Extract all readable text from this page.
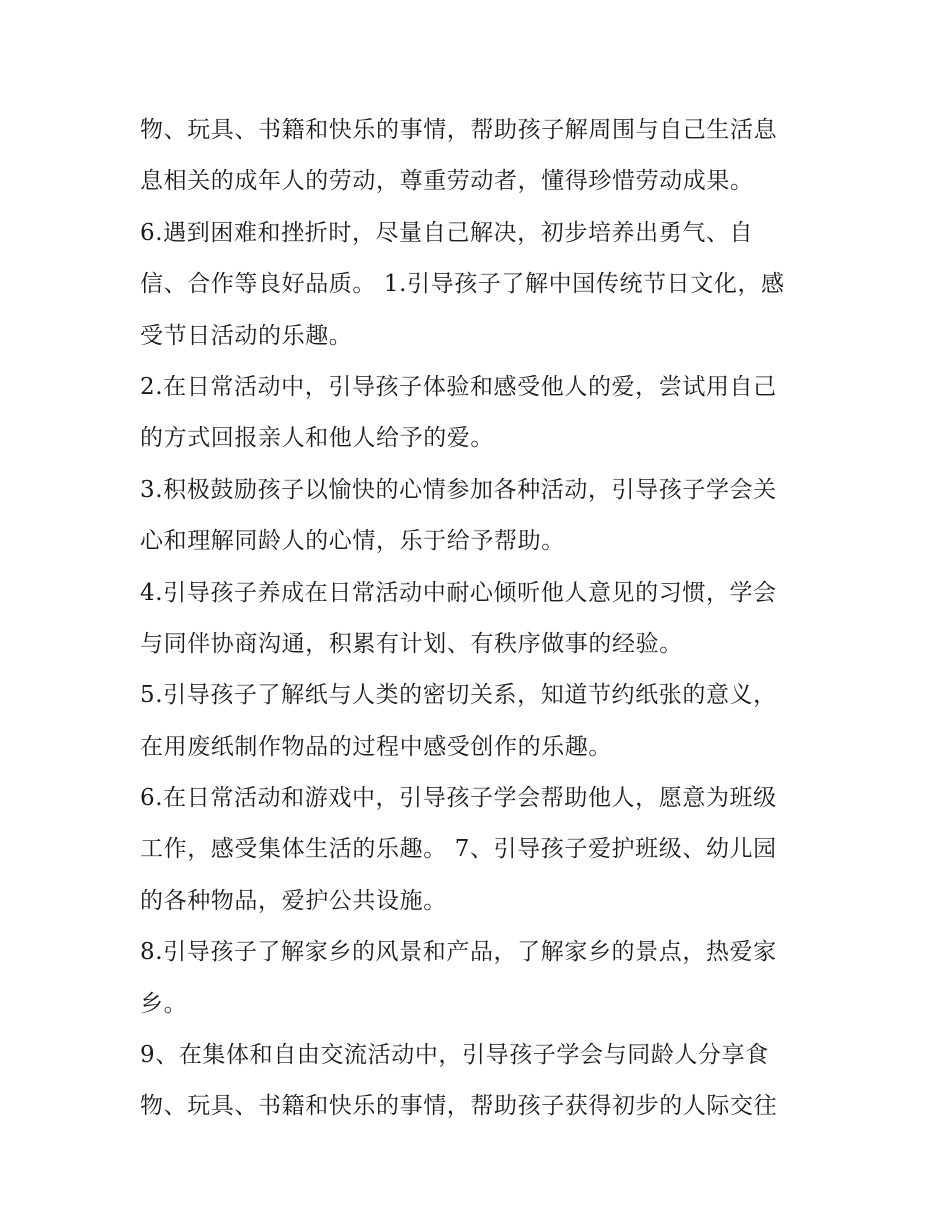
物、玩具、书籍和快乐的事情，帮助孩子解周围与自己生活息
息相关的成年人的劳动，尊重劳动者，懂得珍惜劳动成果。
6.遇到困难和挫折时，尽量自己解决，初步培养出勇气、自
信、合作等良好品质。 1.引导孩子了解中国传统节日文化，感
受节日活动的乐趣。
2.在日常活动中，引导孩子体验和感受他人的爱，尝试用自己
的方式回报亲人和他人给予的爱。
3.积极鼓励孩子以愉快的心情参加各种活动，引导孩子学会关
心和理解同龄人的心情，乐于给予帮助。
4.引导孩子养成在日常活动中耐心倾听他人意见的习惯，学会
与同伴协商沟通，积累有计划、有秩序做事的经验。
5.引导孩子了解纸与人类的密切关系，知道节约纸张的意义，
在用废纸制作物品的过程中感受创作的乐趣。
6.在日常活动和游戏中，引导孩子学会帮助他人，愿意为班级
工作，感受集体生活的乐趣。 7、引导孩子爱护班级、幼儿园
的各种物品，爱护公共设施。
8.引导孩子了解家乡的风景和产品，了解家乡的景点，热爱家
乡。
9、在集体和自由交流活动中，引导孩子学会与同龄人分享食
物、玩具、书籍和快乐的事情，帮助孩子获得初步的人际交往
